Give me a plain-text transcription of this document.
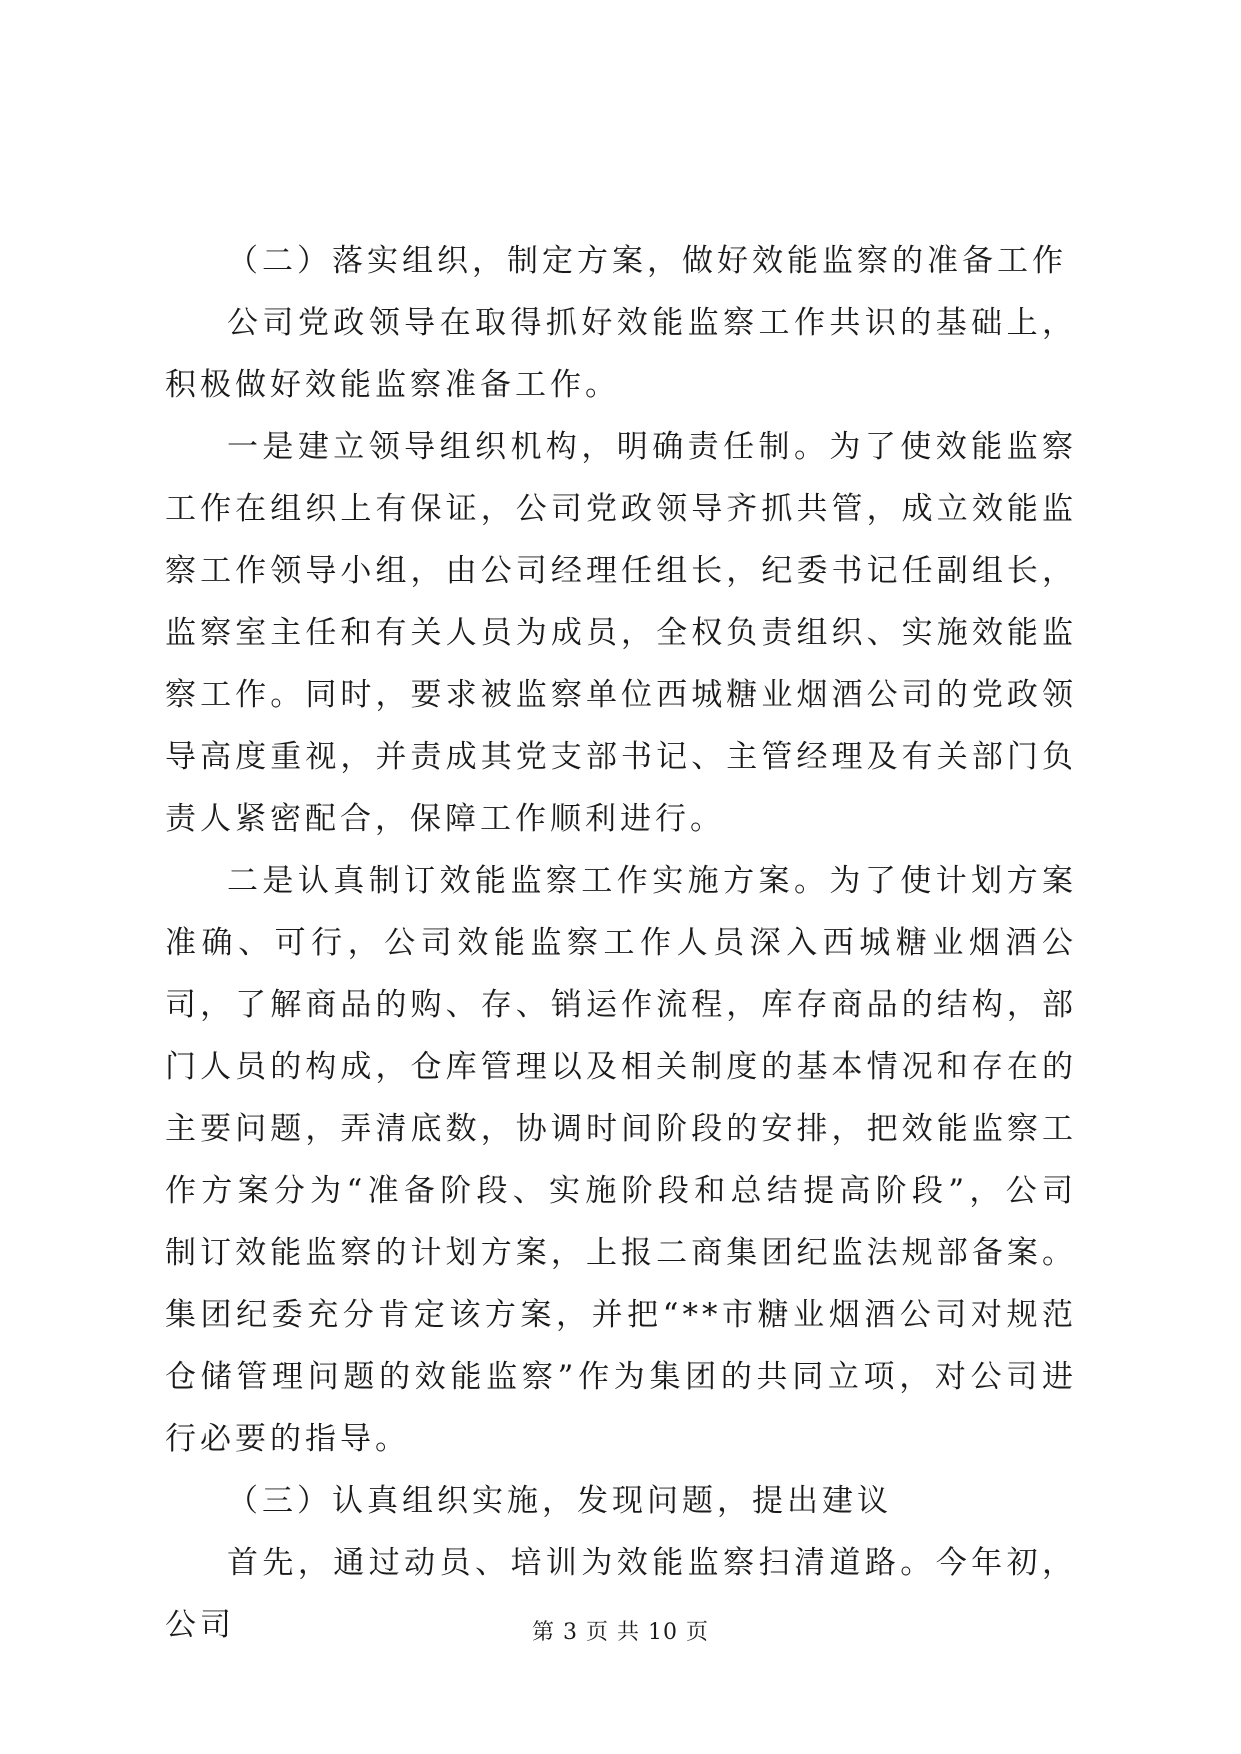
（二）落实组织，制定方案，做好效能监察的准备工作

公司党政领导在取得抓好效能监察工作共识的基础上，积极做好效能监察准备工作。

一是建立领导组织机构，明确责任制。为了使效能监察工作在组织上有保证，公司党政领导齐抓共管，成立效能监察工作领导小组，由公司经理任组长，纪委书记任副组长，监察室主任和有关人员为成员，全权负责组织、实施效能监察工作。同时，要求被监察单位西城糖业烟酒公司的党政领导高度重视，并责成其党支部书记、主管经理及有关部门负责人紧密配合，保障工作顺利进行。

二是认真制订效能监察工作实施方案。为了使计划方案准确、可行，公司效能监察工作人员深入西城糖业烟酒公司，了解商品的购、存、销运作流程，库存商品的结构，部门人员的构成，仓库管理以及相关制度的基本情况和存在的主要问题，弄清底数，协调时间阶段的安排，把效能监察工作方案分为“准备阶段、实施阶段和总结提高阶段”，公司制订效能监察的计划方案，上报二商集团纪监法规部备案。集团纪委充分肯定该方案，并把“**市糖业烟酒公司对规范仓储管理问题的效能监察”作为集团的共同立项，对公司进行必要的指导。

（三）认真组织实施，发现问题，提出建议

首先，通过动员、培训为效能监察扫清道路。今年初，公司	第 3 页 共 10 页
